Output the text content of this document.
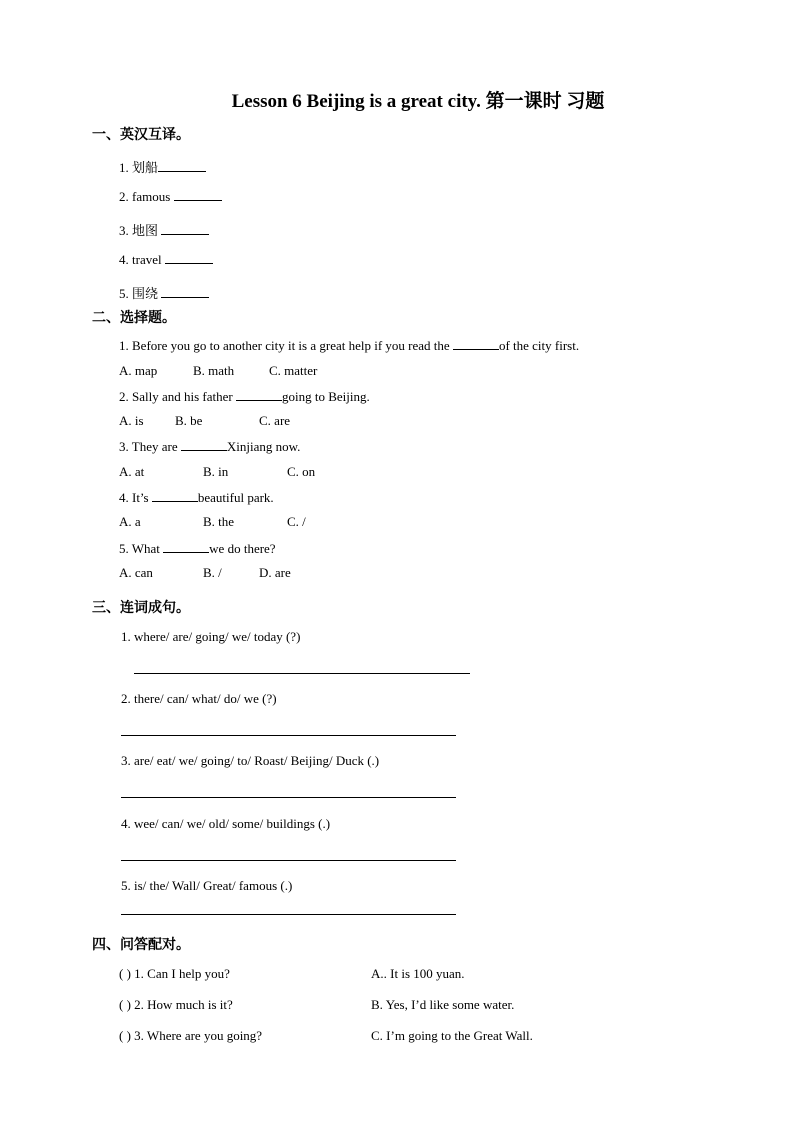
Lesson 6 Beijing is a great city. 第一课时 习题
一、英汉互译。
1. 划船
2. famous
3. 地图
4. travel
5. 围绕
二、选择题。
1. Before you go to another city it is a great help if you read the	of the city first.
A. map	B. math	C. matter
2. Sally and his father	going to Beijing.
A. is B. be	C. are
3. They are	Xinjiang now.
A. at	B. in	C. on
4. It’s	beautiful park.
A. a	B. the	C. /
5. What	we do there?
A. can	B. /	D. are
三、连词成句。
1. where/ are/ going/ we/ today (?)
2. there/ can/ what/ do/ we (?)
3. are/ eat/ we/ going/ to/ Roast/ Beijing/ Duck (.)
4. wee/ can/ we/ old/ some/ buildings (.)
5. is/ the/ Wall/ Great/ famous (.)
四、问答配对。
( ) 1. Can I help you?	A.. It is 100 yuan.
( ) 2. How much is it?	B. Yes, I’d like some water.
( ) 3. Where are you going?	C. I’m going to the Great Wall.
